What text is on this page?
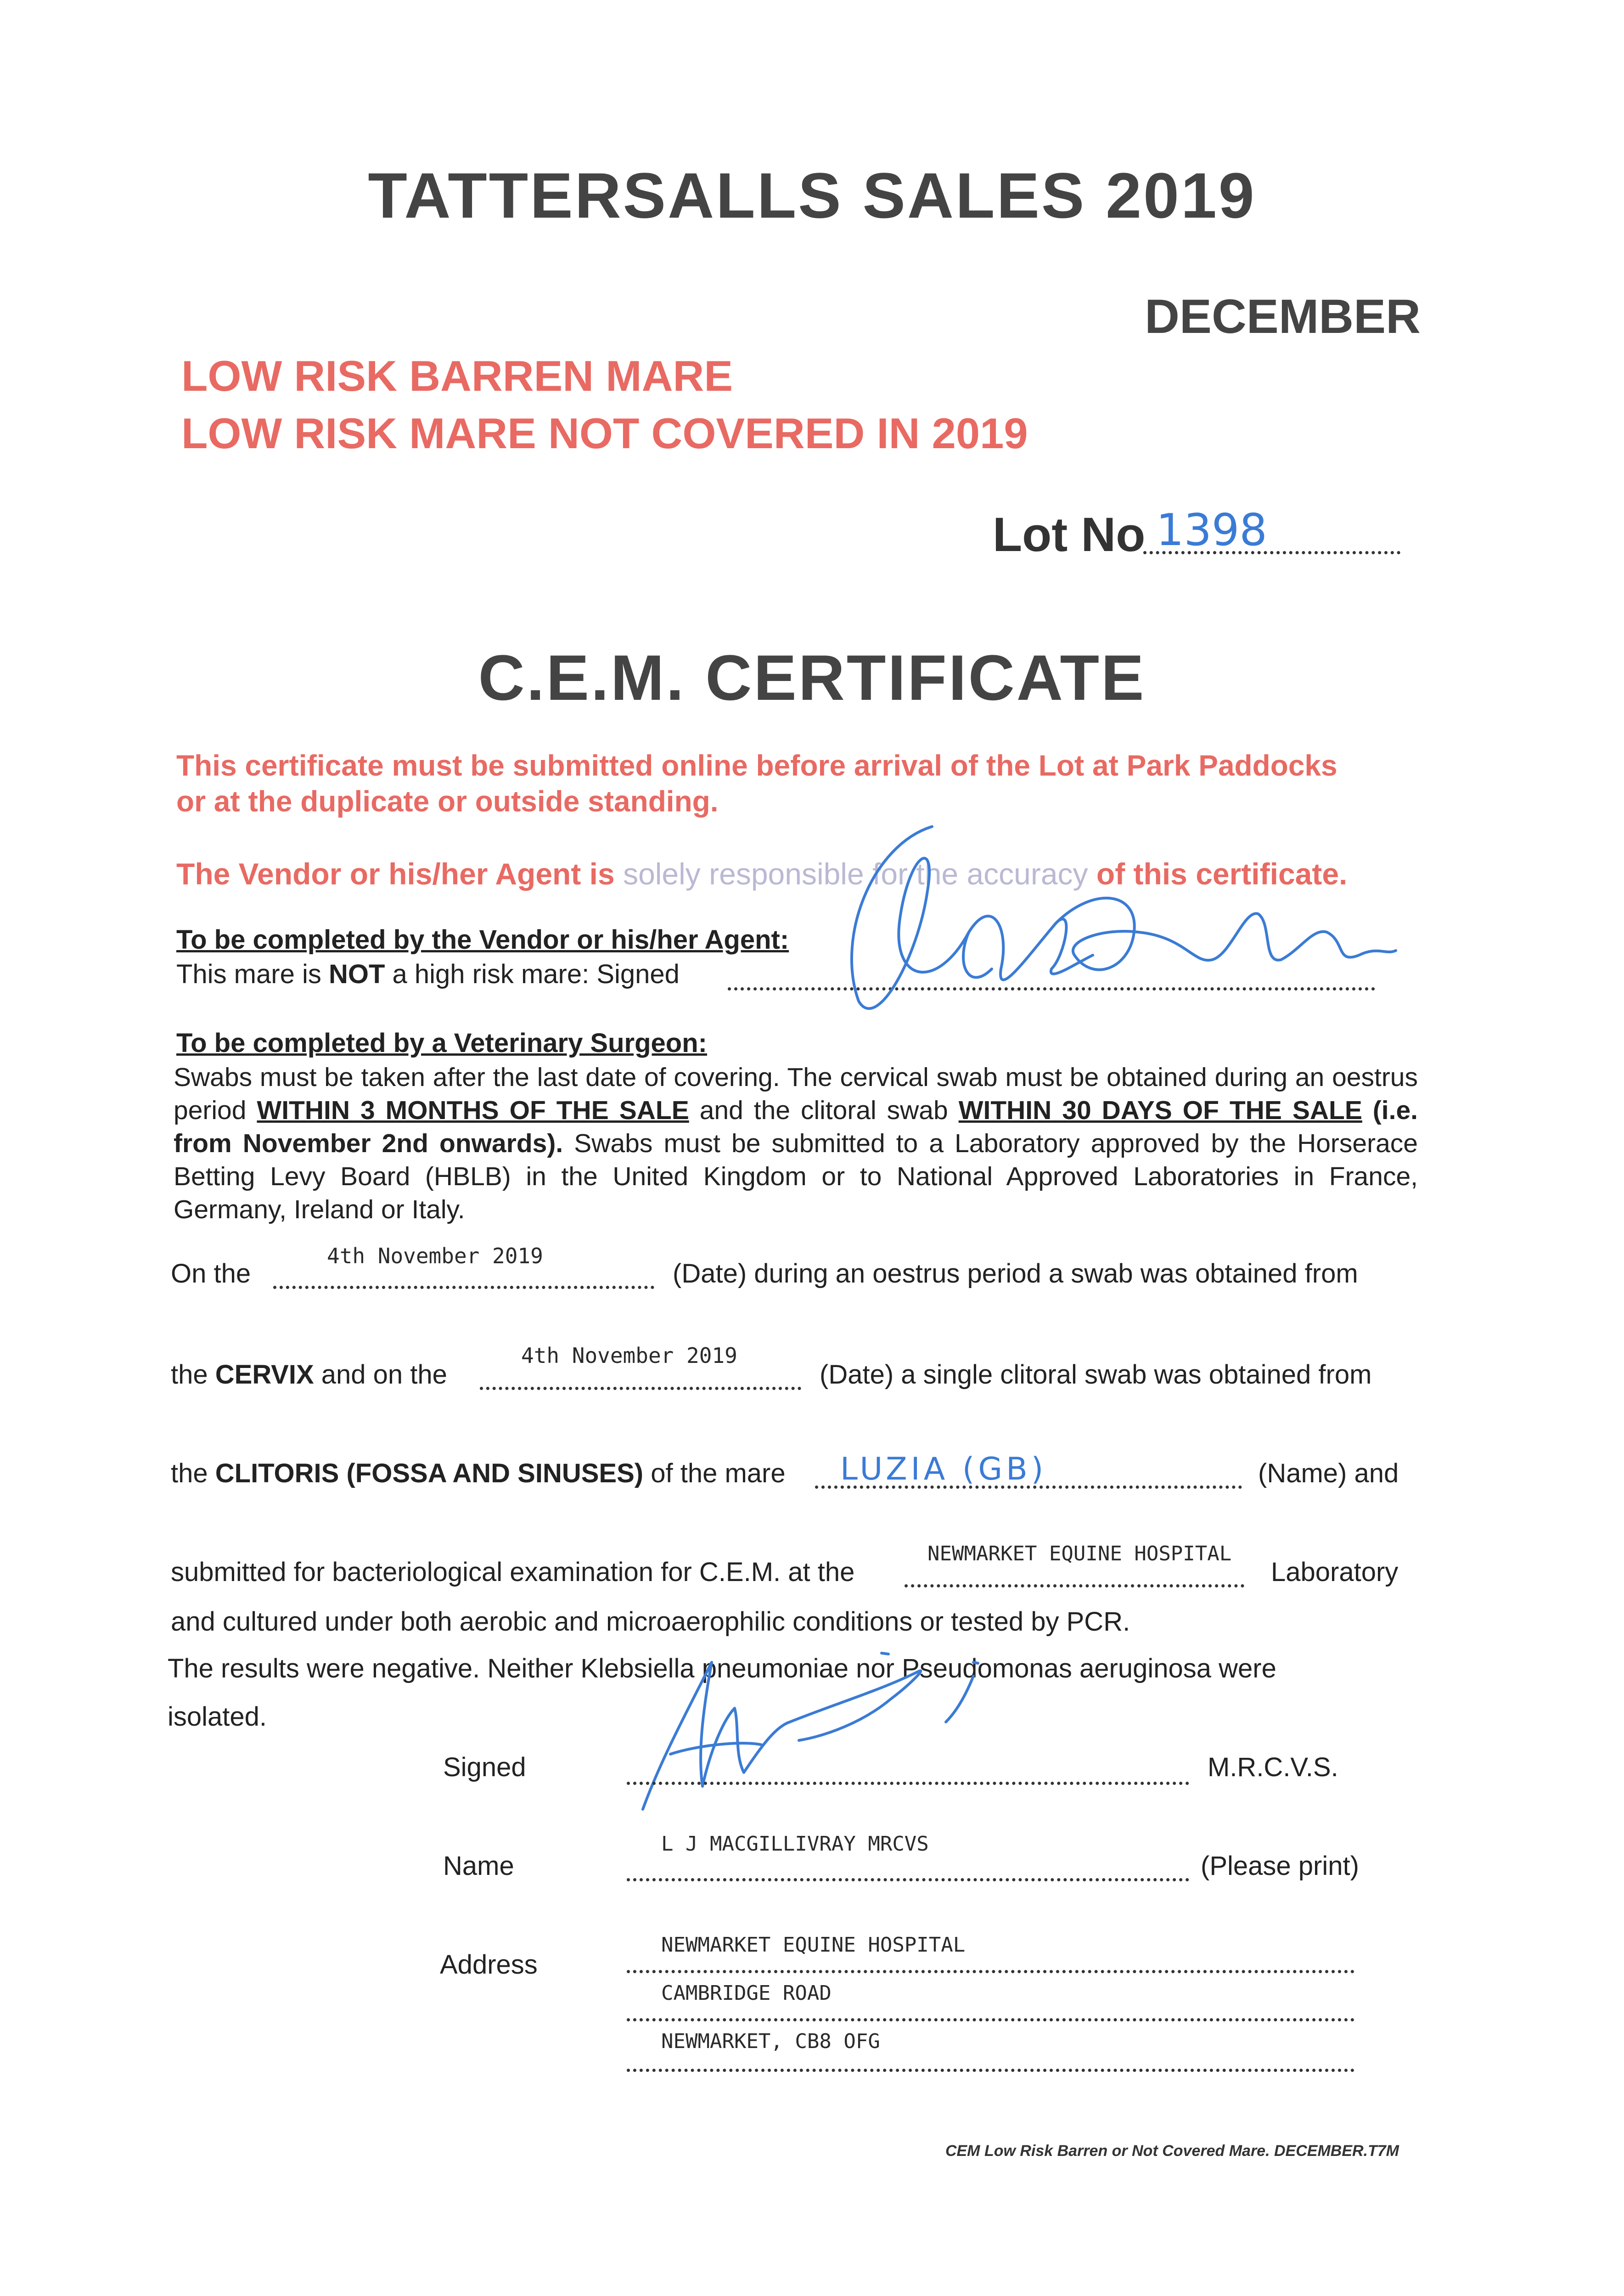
TATTERSALLS SALES 2019
DECEMBER
LOW RISK BARREN MARE
LOW RISK MARE NOT COVERED IN 2019
Lot No 1398
C.E.M. CERTIFICATE
This certificate must be submitted online before arrival of the Lot at Park Paddocks
or at the duplicate or outside standing.
The Vendor or his/her Agent is solely responsible for the accuracy of this certificate.
To be completed by the Vendor or his/her Agent:
This mare is NOT a high risk mare: Signed
To be completed by a Veterinary Surgeon:
Swabs must be taken after the last date of covering. The cervical swab must be obtained during an oestrus period WITHIN 3 MONTHS OF THE SALE and the clitoral swab WITHIN 30 DAYS OF THE SALE (i.e. from November 2nd onwards). Swabs must be submitted to a Laboratory approved by the Horserace Betting Levy Board (HBLB) in the United Kingdom or to National Approved Laboratories in France, Germany, Ireland or Italy.
On the
4th November 2019
(Date) during an oestrus period a swab was obtained from
the CERVIX and on the
4th November 2019
(Date) a single clitoral swab was obtained from
the CLITORIS (FOSSA AND SINUSES) of the mare LUZIA (GB)	(Name) and
submitted for bacteriological examination for C.E.M. at the
NEWMARKET EQUINE HOSPITAL
Laboratory
and cultured under both aerobic and microaerophilic conditions or tested by PCR.
The results were negative. Neither Klebsiella pneumoniae nor Pseudomonas aeruginosa were
isolated.
Signed	M.R.C.V.S.
Name
L J MACGILLIVRAY MRCVS
(Please print)
Address
NEWMARKET EQUINE HOSPITAL
CAMBRIDGE ROAD
NEWMARKET, CB8 OFG
CEM Low Risk Barren or Not Covered Mare. DECEMBER.T7M
